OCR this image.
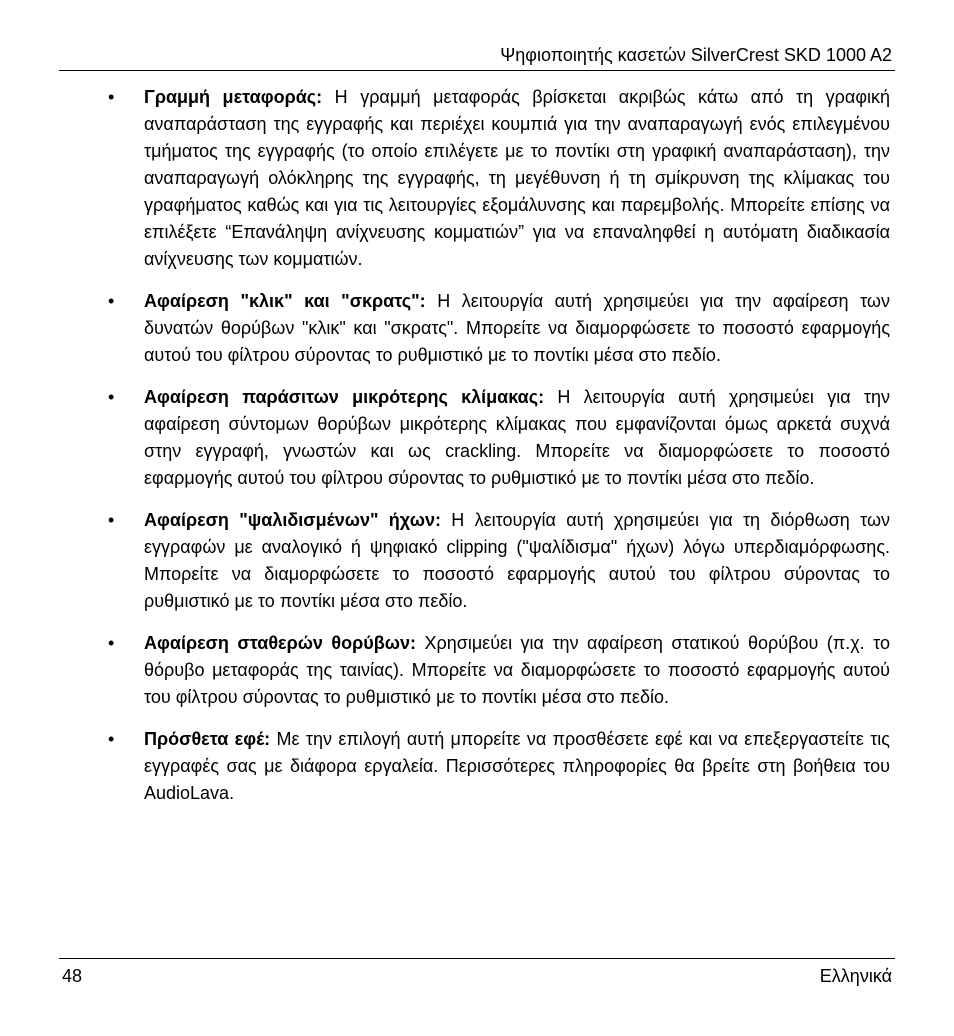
Ψηφιοποιητής κασετών SilverCrest SKD 1000 A2
• Γραμμή μεταφοράς: Η γραμμή μεταφοράς βρίσκεται ακριβώς κάτω από τη γραφική αναπαράσταση της εγγραφής και περιέχει κουμπιά για την αναπαραγωγή ενός επιλεγμένου τμήματος της εγγραφής (το οποίο επιλέγετε με το ποντίκι στη γραφική αναπαράσταση), την αναπαραγωγή ολόκληρης της εγγραφής, τη μεγέθυνση ή τη σμίκρυνση της κλίμακας του γραφήματος καθώς και για τις λειτουργίες εξομάλυνσης και παρεμβολής. Μπορείτε επίσης να επιλέξετε “Επανάληψη ανίχνευσης κομματιών” για να επαναληφθεί η αυτόματη διαδικασία ανίχνευσης των κομματιών.
• Αφαίρεση "κλικ" και "σκρατς": Η λειτουργία αυτή χρησιμεύει για την αφαίρεση των δυνατών θορύβων "κλικ" και "σκρατς". Μπορείτε να διαμορφώσετε το ποσοστό εφαρμογής αυτού του φίλτρου σύροντας το ρυθμιστικό με το ποντίκι μέσα στο πεδίο.
• Αφαίρεση παράσιτων μικρότερης κλίμακας: Η λειτουργία αυτή χρησιμεύει για την αφαίρεση σύντομων θορύβων μικρότερης κλίμακας που εμφανίζονται όμως αρκετά συχνά στην εγγραφή, γνωστών και ως crackling. Μπορείτε να διαμορφώσετε το ποσοστό εφαρμογής αυτού του φίλτρου σύροντας το ρυθμιστικό με το ποντίκι μέσα στο πεδίο.
• Αφαίρεση "ψαλιδισμένων" ήχων: Η λειτουργία αυτή χρησιμεύει για τη διόρθωση των εγγραφών με αναλογικό ή ψηφιακό clipping ("ψαλίδισμα" ήχων) λόγω υπερδιαμόρφωσης. Μπορείτε να διαμορφώσετε το ποσοστό εφαρμογής αυτού του φίλτρου σύροντας το ρυθμιστικό με το ποντίκι μέσα στο πεδίο.
• Αφαίρεση σταθερών θορύβων: Χρησιμεύει για την αφαίρεση στατικού θορύβου (π.χ. το θόρυβο μεταφοράς της ταινίας). Μπορείτε να διαμορφώσετε το ποσοστό εφαρμογής αυτού του φίλτρου σύροντας το ρυθμιστικό με το ποντίκι μέσα στο πεδίο.
• Πρόσθετα εφέ: Με την επιλογή αυτή μπορείτε να προσθέσετε εφέ και να επεξεργαστείτε τις εγγραφές σας με διάφορα εργαλεία. Περισσότερες πληροφορίες θα βρείτε στη βοήθεια του AudioLava.
48	Ελληνικά
